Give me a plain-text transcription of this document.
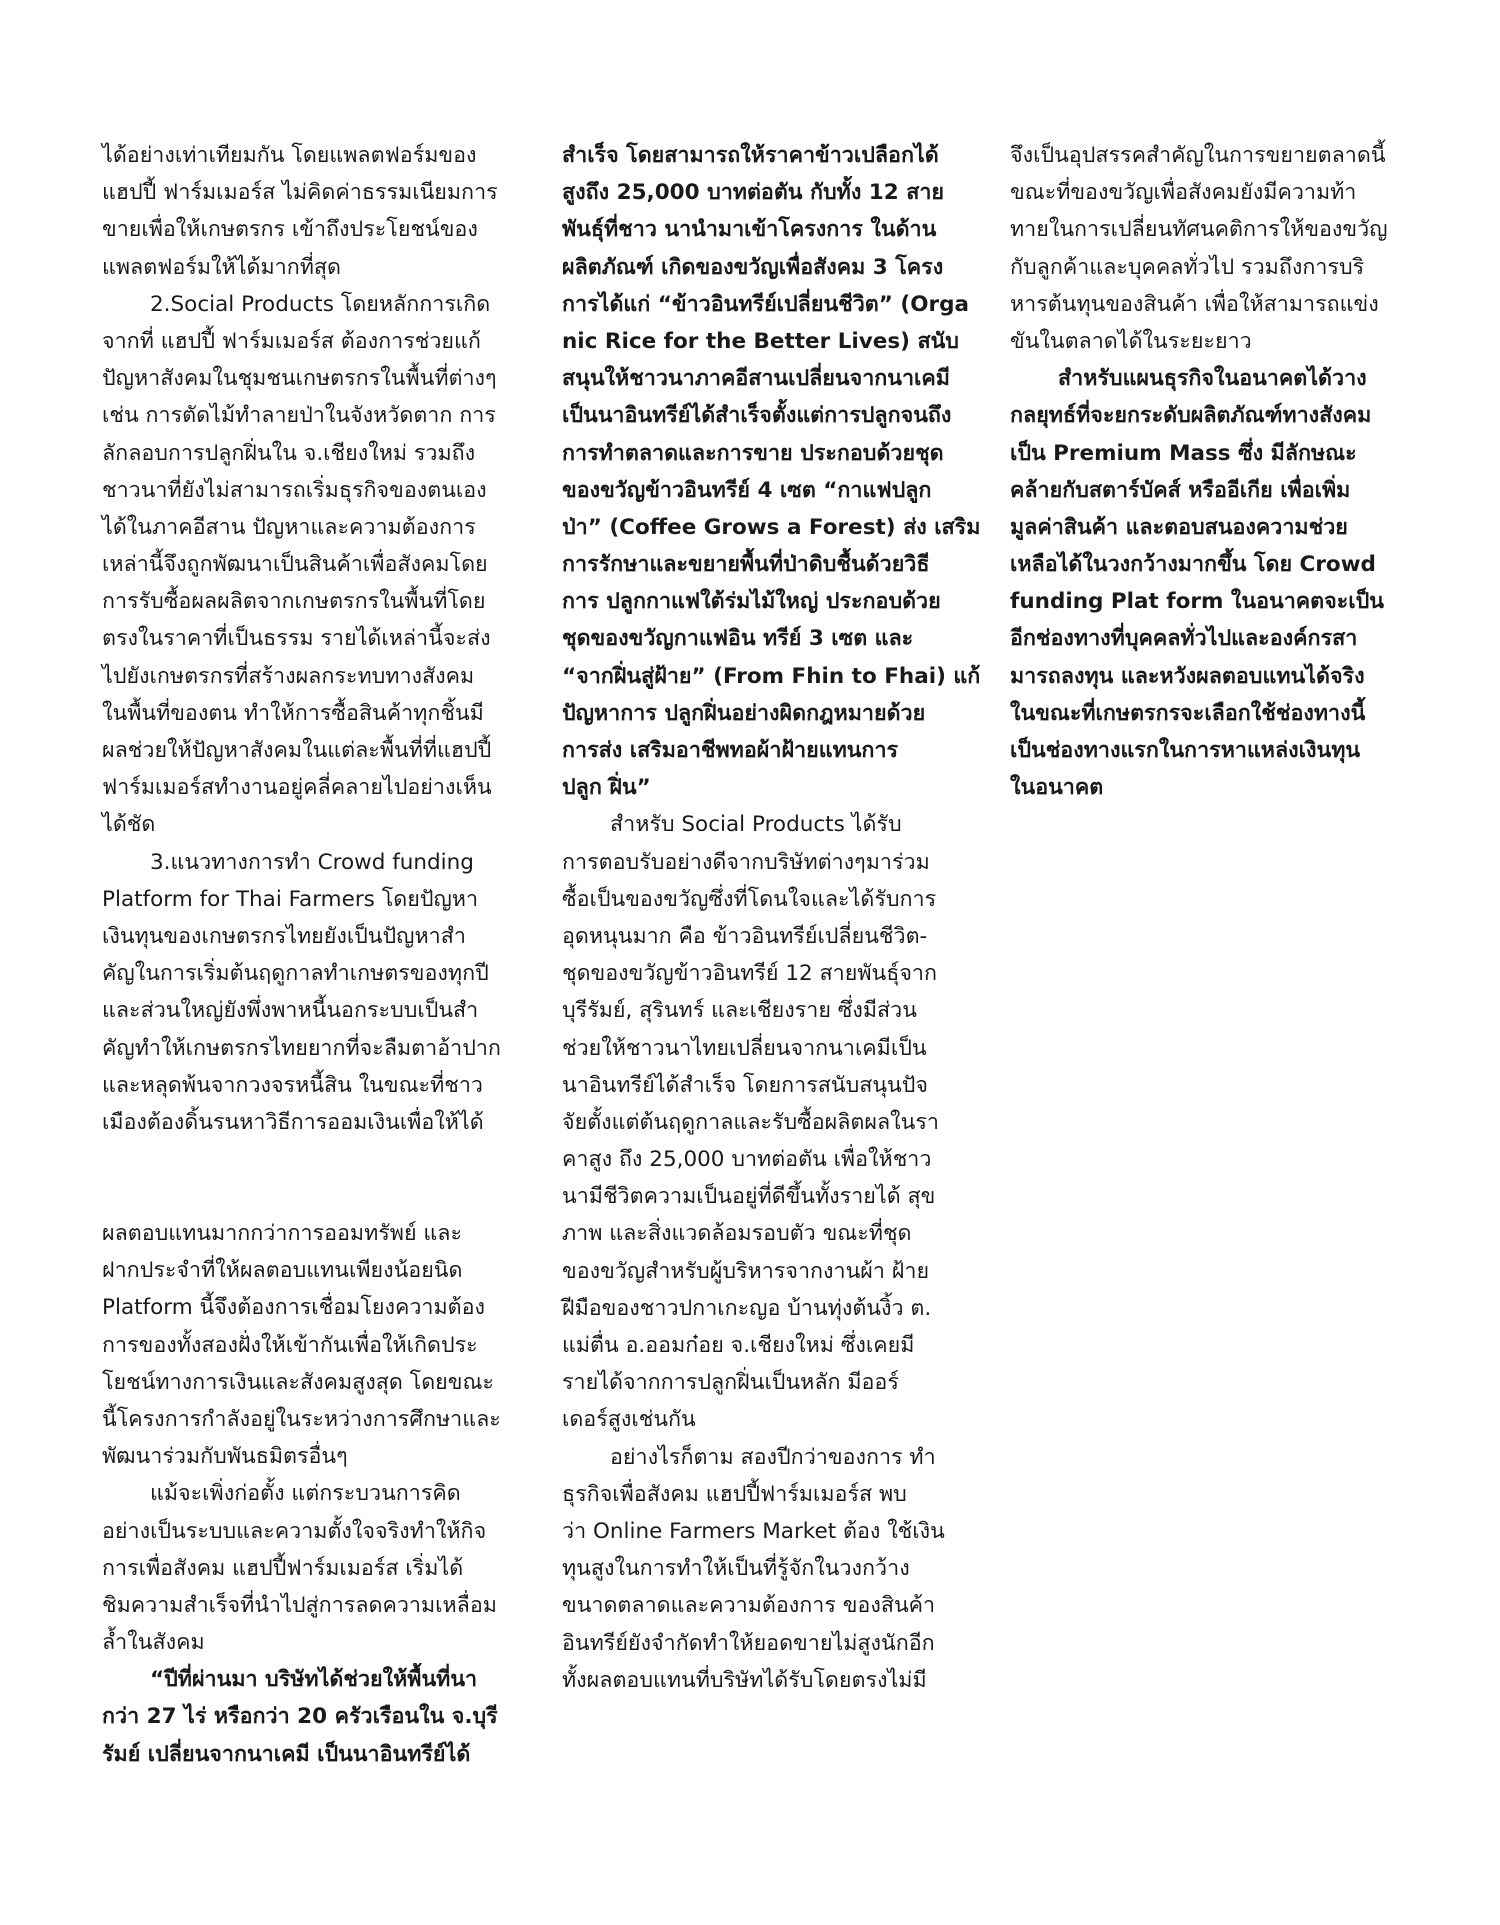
ได้อย่างเท่าเทียมกัน โดยแพลตฟอร์มของ
แฮปปี้ ฟาร์มเมอร์ส ไม่คิดค่าธรรมเนียมการ
ขายเพื่อให้เกษตรกร เข้าถึงประโยชน์ของ
แพลตฟอร์มให้ได้มากที่สุด
2.Social Products โดยหลักการเกิด
จากที่ แฮปปี้ ฟาร์มเมอร์ส ต้องการช่วยแก้
ปัญหาสังคมในชุมชนเกษตรกรในพื้นที่ต่างๆ
เช่น การตัดไม้ทำลายป่าในจังหวัดตาก การ
ลักลอบการปลูกฝิ่นใน จ.เชียงใหม่ รวมถึง
ชาวนาที่ยังไม่สามารถเริ่มธุรกิจของตนเอง
ได้ในภาคอีสาน ปัญหาและความต้องการ
เหล่านี้จึงถูกพัฒนาเป็นสินค้าเพื่อสังคมโดย
การรับซื้อผลผลิตจากเกษตรกรในพื้นที่โดย
ตรงในราคาที่เป็นธรรม รายได้เหล่านี้จะส่ง
ไปยังเกษตรกรที่สร้างผลกระทบทางสังคม
ในพื้นที่ของตน ทำให้การซื้อสินค้าทุกชิ้นมี
ผลช่วยให้ปัญหาสังคมในแต่ละพื้นที่ที่แฮปปี้
ฟาร์มเมอร์สทำงานอยู่คลี่คลายไปอย่างเห็น
ได้ชัด
3.แนวทางการทำ Crowd funding
Platform for Thai Farmers โดยปัญหา
เงินทุนของเกษตรกรไทยยังเป็นปัญหาสำ
คัญในการเริ่มต้นฤดูกาลทำเกษตรของทุกปี
และส่วนใหญ่ยังพึ่งพาหนี้นอกระบบเป็นสำ
คัญทำให้เกษตรกรไทยยากที่จะลืมตาอ้าปาก
และหลุดพ้นจากวงจรหนี้สิน ในขณะที่ชาว
เมืองต้องดิ้นรนหาวิธีการออมเงินเพื่อให้ได้
ผลตอบแทนมากกว่าการออมทรัพย์ และ
ฝากประจำที่ให้ผลตอบแทนเพียงน้อยนิด
Platform นี้จึงต้องการเชื่อมโยงความต้อง
การของทั้งสองฝั่งให้เข้ากันเพื่อให้เกิดประ
โยชน์ทางการเงินและสังคมสูงสุด โดยขณะ
นี้โครงการกำลังอยู่ในระหว่างการศึกษาและ
พัฒนาร่วมกับพันธมิตรอื่นๆ
แม้จะเพิ่งก่อตั้ง แต่กระบวนการคิด
อย่างเป็นระบบและความตั้งใจจริงทำให้กิจ
การเพื่อสังคม แฮปปี้ฟาร์มเมอร์ส เริ่มได้
ชิมความสำเร็จที่นำไปสู่การลดความเหลื่อม
ล้ำในสังคม
“ปีที่ผ่านมา บริษัทได้ช่วยให้พื้นที่นา
กว่า 27 ไร่ หรือกว่า 20 ครัวเรือนใน จ.บุรี
รัมย์ เปลี่ยนจากนาเคมี เป็นนาอินทรีย์ได้
สำเร็จ โดยสามารถให้ราคาข้าวเปลือกได้
สูงถึง 25,000 บาทต่อตัน กับทั้ง 12 สาย
พันธุ์ที่ชาว นานำมาเข้าโครงการ ในด้าน
ผลิตภัณฑ์ เกิดของขวัญเพื่อสังคม 3 โครง
การได้แก่ “ข้าวอินทรีย์เปลี่ยนชีวิต” (Orga
nic Rice for the Better Lives) สนับ
สนุนให้ชาวนาภาคอีสานเปลี่ยนจากนาเคมี
เป็นนาอินทรีย์ได้สำเร็จตั้งแต่การปลูกจนถึง
การทำตลาดและการขาย ประกอบด้วยชุด
ของขวัญข้าวอินทรีย์ 4 เซต “กาแฟปลูก
ป่า” (Coffee Grows a Forest) ส่ง เสริม
การรักษาและขยายพื้นที่ป่าดิบชื้นด้วยวิธี
การ ปลูกกาแฟใต้ร่มไม้ใหญ่ ประกอบด้วย
ชุดของขวัญกาแฟอิน ทรีย์ 3 เซต และ
“จากฝิ่นสู่ฝ้าย” (From Fhin to Fhai) แก้
ปัญหาการ ปลูกฝิ่นอย่างผิดกฎหมายด้วย
การส่ง เสริมอาชีพทอผ้าฝ้ายแทนการ
ปลูก ฝิ่น”
สำหรับ Social Products ได้รับ
การตอบรับอย่างดีจากบริษัทต่างๆมาร่วม
ซื้อเป็นของขวัญซึ่งที่โดนใจและได้รับการ
อุดหนุนมาก คือ ข้าวอินทรีย์เปลี่ยนชีวิต-
ชุดของขวัญข้าวอินทรีย์ 12 สายพันธุ์จาก
บุรีรัมย์, สุรินทร์ และเชียงราย ซึ่งมีส่วน
ช่วยให้ชาวนาไทยเปลี่ยนจากนาเคมีเป็น
นาอินทรีย์ได้สำเร็จ โดยการสนับสนุนปัจ
จัยตั้งแต่ต้นฤดูกาลและรับซื้อผลิตผลในรา
คาสูง ถึง 25,000 บาทต่อตัน เพื่อให้ชาว
นามีชีวิตความเป็นอยู่ที่ดีขึ้นทั้งรายได้ สุข
ภาพ และสิ่งแวดล้อมรอบตัว ขณะที่ชุด
ของขวัญสำหรับผู้บริหารจากงานผ้า ฝ้าย
ฝีมือของชาวปกาเกะญอ บ้านทุ่งต้นงิ้ว ต.
แม่ตื่น อ.ออมก๋อย จ.เชียงใหม่ ซึ่งเคยมี
รายได้จากการปลูกฝิ่นเป็นหลัก มีออร์
เดอร์สูงเช่นกัน
อย่างไรก็ตาม สองปีกว่าของการ ทำ
ธุรกิจเพื่อสังคม แฮปปี้ฟาร์มเมอร์ส พบ
ว่า Online Farmers Market ต้อง ใช้เงิน
ทุนสูงในการทำให้เป็นที่รู้จักในวงกว้าง
ขนาดตลาดและความต้องการ ของสินค้า
อินทรีย์ยังจำกัดทำให้ยอดขายไม่สูงนักอีก
ทั้งผลตอบแทนที่บริษัทได้รับโดยตรงไม่มี
จึงเป็นอุปสรรคสำคัญในการขยายตลาดนี้
ขณะที่ของขวัญเพื่อสังคมยังมีความท้า
ทายในการเปลี่ยนทัศนคติการให้ของขวัญ
กับลูกค้าและบุคคลทั่วไป รวมถึงการบริ
หารต้นทุนของสินค้า เพื่อให้สามารถแข่ง
ขันในตลาดได้ในระยะยาว
สำหรับแผนธุรกิจในอนาคตได้วาง
กลยุทธ์ที่จะยกระดับผลิตภัณฑ์ทางสังคม
เป็น Premium Mass ซึ่ง มีลักษณะ
คล้ายกับสตาร์บัคส์ หรืออีเกีย เพื่อเพิ่ม
มูลค่าสินค้า และตอบสนองความช่วย
เหลือได้ในวงกว้างมากขึ้น โดย Crowd
funding Plat form ในอนาคตจะเป็น
อีกช่องทางที่บุคคลทั่วไปและองค์กรสา
มารถลงทุน และหวังผลตอบแทนได้จริง
ในขณะที่เกษตรกรจะเลือกใช้ช่องทางนี้
เป็นช่องทางแรกในการหาแหล่งเงินทุน
ในอนาคต
